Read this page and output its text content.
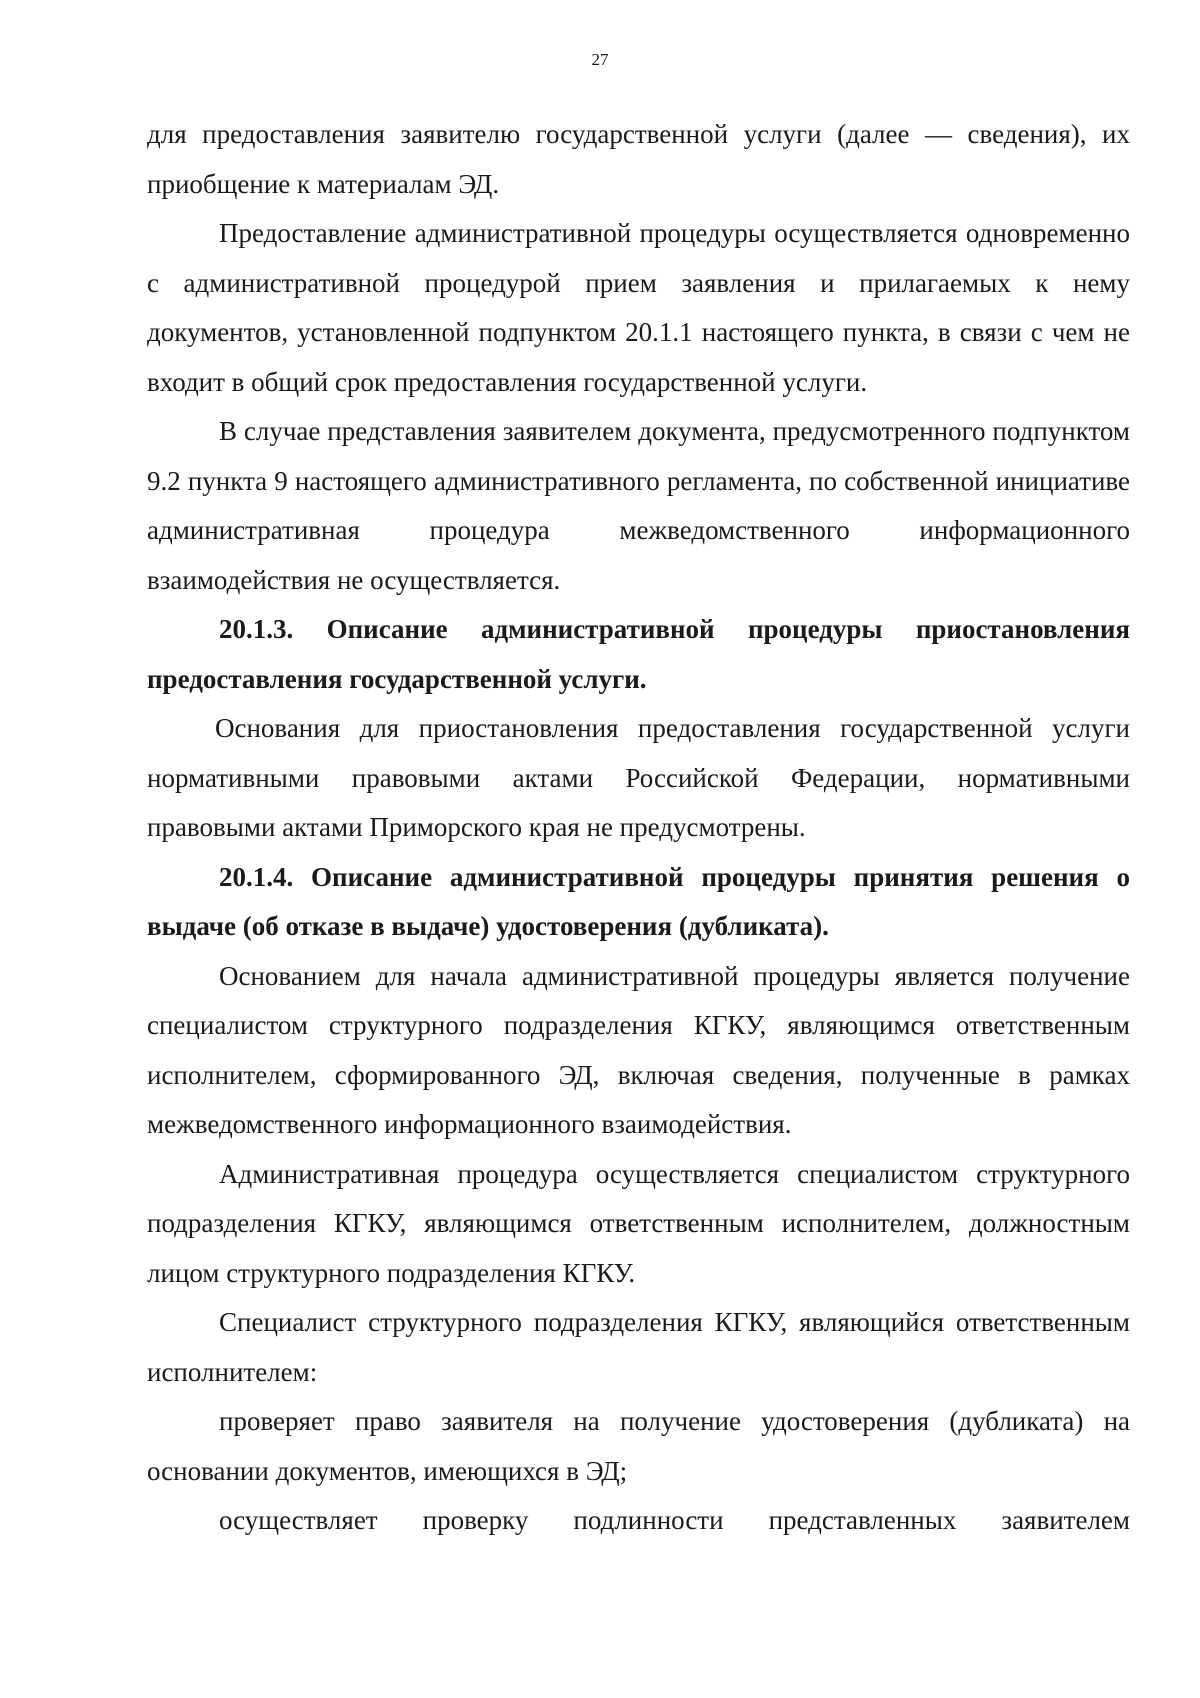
27

для предоставления заявителю государственной услуги (далее — сведения), их приобщение к материалам ЭД.

Предоставление административной процедуры осуществляется одновременно с административной процедурой прием заявления и прилагаемых к нему документов, установленной подпунктом 20.1.1 настоящего пункта, в связи с чем не входит в общий срок предоставления государственной услуги.

В случае представления заявителем документа, предусмотренного подпунктом 9.2 пункта 9 настоящего административного регламента, по собственной инициативе административная процедура межведомственного информационного взаимодействия не осуществляется.

20.1.3. Описание административной процедуры приостановления предоставления государственной услуги.

Основания для приостановления предоставления государственной услуги нормативными правовыми актами Российской Федерации, нормативными правовыми актами Приморского края не предусмотрены.

20.1.4. Описание административной процедуры принятия решения о выдаче (об отказе в выдаче) удостоверения (дубликата).

Основанием для начала административной процедуры является получение специалистом структурного подразделения КГКУ, являющимся ответственным исполнителем, сформированного ЭД, включая сведения, полученные в рамках межведомственного информационного взаимодействия.

Административная процедура осуществляется специалистом структурного подразделения КГКУ, являющимся ответственным исполнителем, должностным лицом структурного подразделения КГКУ.

Специалист структурного подразделения КГКУ, являющийся ответственным исполнителем:

проверяет право заявителя на получение удостоверения (дубликата) на основании документов, имеющихся в ЭД;

осуществляет проверку подлинности представленных заявителем
